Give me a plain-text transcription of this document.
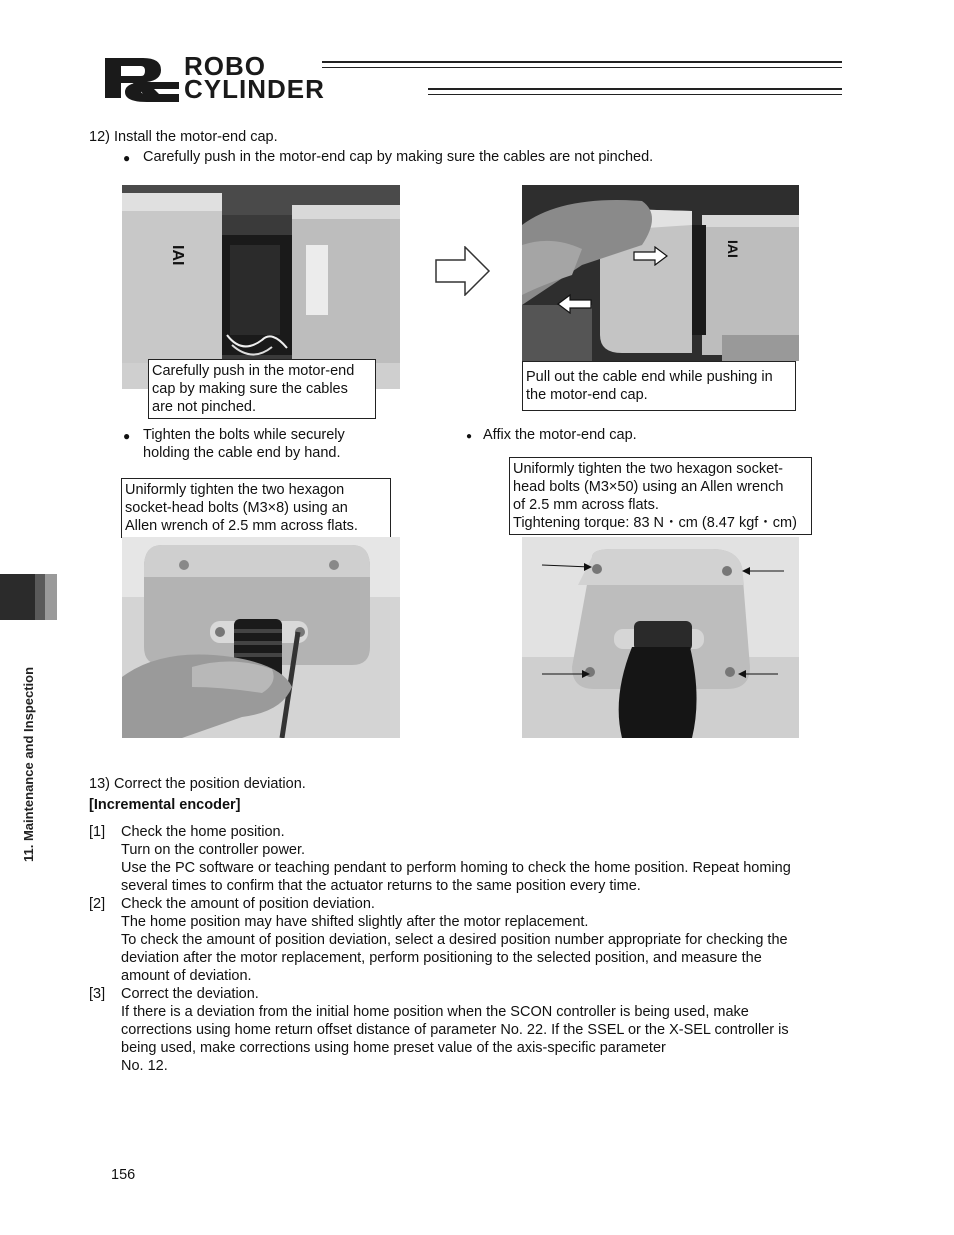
ROBO
CYLINDER
11. Maintenance and Inspection
12) Install the motor-end cap.
● Carefully push in the motor-end cap by making sure the cables are not pinched.
IAI
Carefully push in the motor-end
cap by making sure the cables
are not pinched.
IAI
Pull out the cable end while pushing in
the motor-end cap.
● Tighten the bolts while securely
holding the cable end by hand.
● Affix the motor-end cap.
Uniformly tighten the two hexagon
socket-head bolts (M3×8) using an
Allen wrench of 2.5 mm across flats.
Uniformly tighten the two hexagon socket-
head bolts (M3×50) using an Allen wrench
of 2.5 mm across flats.
Tightening torque: 83 N・cm (8.47 kgf・cm)
13) Correct the position deviation.
[Incremental encoder]
[1] Check the home position.
Turn on the controller power.
Use the PC software or teaching pendant to perform homing to check the home position. Repeat homing
several times to confirm that the actuator returns to the same position every time.
[2] Check the amount of position deviation.
The home position may have shifted slightly after the motor replacement.
To check the amount of position deviation, select a desired position number appropriate for checking the
deviation after the motor replacement, perform positioning to the selected position, and measure the
amount of deviation.
[3] Correct the deviation.
If there is a deviation from the initial home position when the SCON controller is being used, make
corrections using home return offset distance of parameter No. 22. If the SSEL or the X-SEL controller is
being used, make corrections using home preset value of the axis-specific parameter
No. 12.
156
